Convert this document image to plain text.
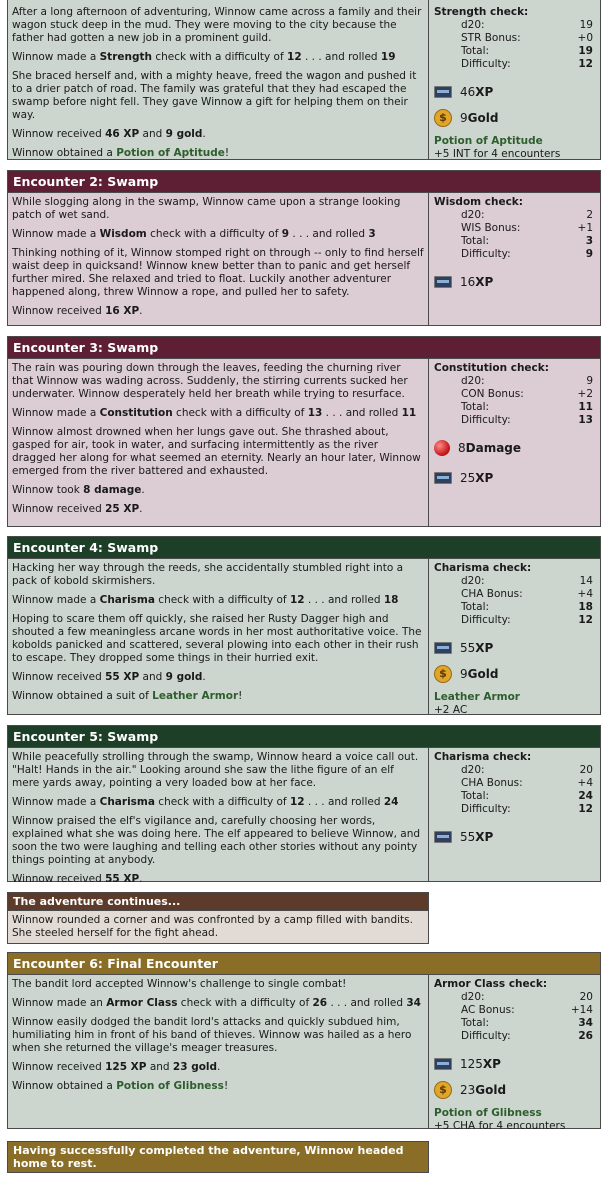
After a long afternoon of adventuring, Winnow came across a family and their wagon stuck deep in the mud. They were moving to the city because the father had gotten a new job in a prominent guild.

Winnow made a Strength check with a difficulty of 12 . . . and rolled 19

She braced herself and, with a mighty heave, freed the wagon and pushed it to a drier patch of road. The family was grateful that they had escaped the swamp before night fell. They gave Winnow a gift for helping them on their way.

Winnow received 46 XP and 9 gold.

Winnow obtained a Potion of Aptitude!

Strength check:
d20:	19
STR Bonus:	+0
Total:	19
Difficulty:	12
46 XP
$	9 Gold
Potion of Aptitude
+5 INT for 4 encounters
Encounter 2: Swamp

While slogging along in the swamp, Winnow came upon a strange looking patch of wet sand.

Winnow made a Wisdom check with a difficulty of 9 . . . and rolled 3

Thinking nothing of it, Winnow stomped right on through -- only to find herself waist deep in quicksand! Winnow knew better than to panic and get herself further mired. She relaxed and tried to float. Luckily another adventurer happened along, threw Winnow a rope, and pulled her to safety.

Winnow received 16 XP.

Wisdom check:
d20:	2
WIS Bonus:	+1
Total:	3
Difficulty:	9
16 XP
Encounter 3: Swamp

The rain was pouring down through the leaves, feeding the churning river that Winnow was wading across. Suddenly, the stirring currents sucked her underwater. Winnow desperately held her breath while trying to resurface.

Winnow made a Constitution check with a difficulty of 13 . . . and rolled 11

Winnow almost drowned when her lungs gave out. She thrashed about, gasped for air, took in water, and surfacing intermittently as the river dragged her along for what seemed an eternity. Nearly an hour later, Winnow emerged from the river battered and exhausted.

Winnow took 8 damage.

Winnow received 25 XP.

Constitution check:
d20:	9
CON Bonus:	+2
Total:	11
Difficulty:	13
8 Damage
25 XP
Encounter 4: Swamp

Hacking her way through the reeds, she accidentally stumbled right into a pack of kobold skirmishers.

Winnow made a Charisma check with a difficulty of 12 . . . and rolled 18

Hoping to scare them off quickly, she raised her Rusty Dagger high and shouted a few meaningless arcane words in her most authoritative voice. The kobolds panicked and scattered, several plowing into each other in their rush to escape. They dropped some things in their hurried exit.

Winnow received 55 XP and 9 gold.

Winnow obtained a suit of Leather Armor!

Charisma check:
d20:	14
CHA Bonus:	+4
Total:	18
Difficulty:	12
55 XP
$	9 Gold
Leather Armor
+2 AC
Encounter 5: Swamp

While peacefully strolling through the swamp, Winnow heard a voice call out. "Halt! Hands in the air." Looking around she saw the lithe figure of an elf mere yards away, pointing a very loaded bow at her face.

Winnow made a Charisma check with a difficulty of 12 . . . and rolled 24

Winnow praised the elf's vigilance and, carefully choosing her words, explained what she was doing here. The elf appeared to believe Winnow, and soon the two were laughing and telling each other stories without any pointy things pointing at anybody.

Winnow received 55 XP.

Charisma check:
d20:	20
CHA Bonus:	+4
Total:	24
Difficulty:	12
55 XP
The adventure continues...
Winnow rounded a corner and was confronted by a camp filled with bandits. She steeled herself for the fight ahead.
Encounter 6: Final Encounter

The bandit lord accepted Winnow's challenge to single combat!

Winnow made an Armor Class check with a difficulty of 26 . . . and rolled 34

Winnow easily dodged the bandit lord's attacks and quickly subdued him, humiliating him in front of his band of thieves. Winnow was hailed as a hero when she returned the village's meager treasures.

Winnow received 125 XP and 23 gold.

Winnow obtained a Potion of Glibness!

Armor Class check:
d20:	20
AC Bonus:	+14
Total:	34
Difficulty:	26
125 XP
$	23 Gold
Potion of Glibness
+5 CHA for 4 encounters
Having successfully completed the adventure, Winnow headed home to rest.
